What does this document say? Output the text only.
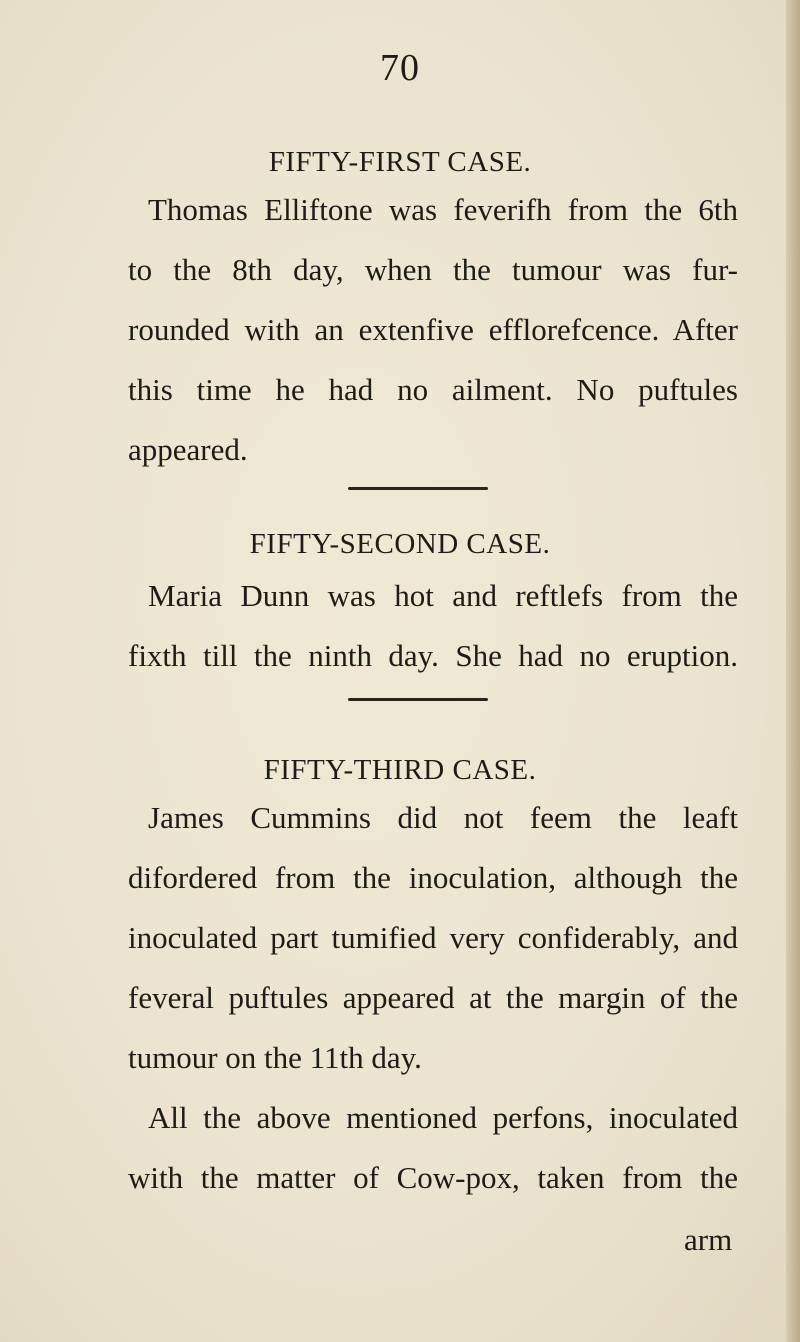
70
FIFTY-FIRST CASE.
Thomas Elliftone was feverifh from the 6th
to the 8th day, when the tumour was fur-
rounded with an extenfive efflorefcence. After
this time he had no ailment. No puftules
appeared.
FIFTY-SECOND CASE.
Maria Dunn was hot and reftlefs from the
fixth till the ninth day. She had no eruption.
FIFTY-THIRD CASE.
James Cummins did not feem the leaft
difordered from the inoculation, although the
inoculated part tumified very confiderably, and
feveral puftules appeared at the margin of the
tumour on the 11th day.
All the above mentioned perfons, inoculated
with the matter of Cow-pox, taken from the
arm
